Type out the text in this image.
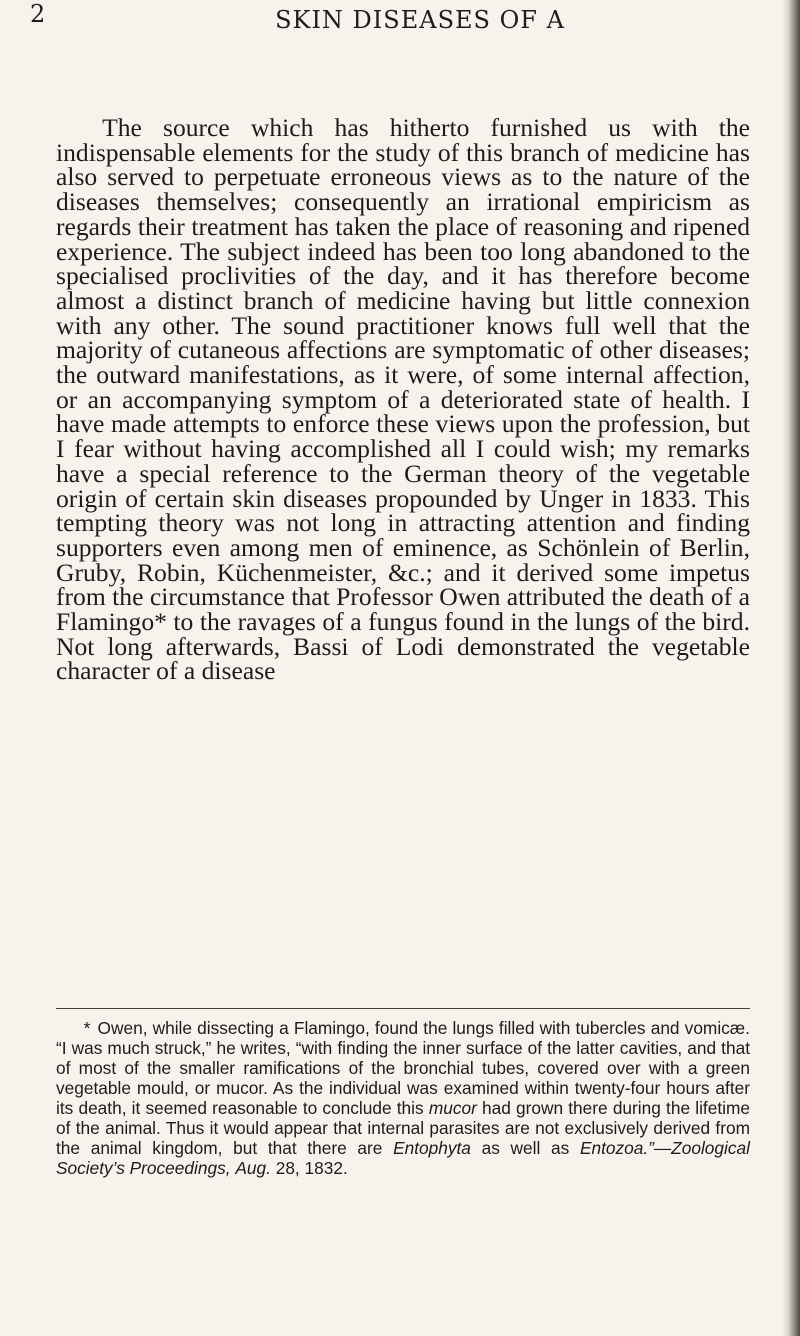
2	SKIN DISEASES OF A

The source which has hitherto furnished us with the indispensable elements for the study of this branch of medicine has also served to perpetuate erroneous views as to the nature of the diseases themselves; consequently an irrational empiricism as regards their treatment has taken the place of reasoning and ripened experience. The subject indeed has been too long abandoned to the specialised proclivities of the day, and it has therefore become almost a distinct branch of medicine having but little connexion with any other. The sound practitioner knows full well that the majority of cutaneous affections are symptomatic of other diseases; the outward manifestations, as it were, of some internal affection, or an accompanying symptom of a deteriorated state of health. I have made attempts to enforce these views upon the profession, but I fear without having accomplished all I could wish; my remarks have a special reference to the German theory of the vegetable origin of certain skin diseases propounded by Unger in 1833. This tempting theory was not long in attracting attention and finding supporters even among men of eminence, as Schönlein of Berlin, Gruby, Robin, Küchenmeister, &c.; and it derived some impetus from the circumstance that Professor Owen attributed the death of a Flamingo* to the ravages of a fungus found in the lungs of the bird. Not long afterwards, Bassi of Lodi demonstrated the vegetable character of a disease

* Owen, while dissecting a Flamingo, found the lungs filled with tubercles and vomicæ. “I was much struck,” he writes, “with finding the inner surface of the latter cavities, and that of most of the smaller ramifications of the bronchial tubes, covered over with a green vegetable mould, or mucor. As the individual was examined within twenty-four hours after its death, it seemed reasonable to conclude this mucor had grown there during the lifetime of the animal. Thus it would appear that internal parasites are not exclusively derived from the animal kingdom, but that there are Entophyta as well as Entozoa.”—Zoological Society’s Proceedings, Aug. 28, 1832.
